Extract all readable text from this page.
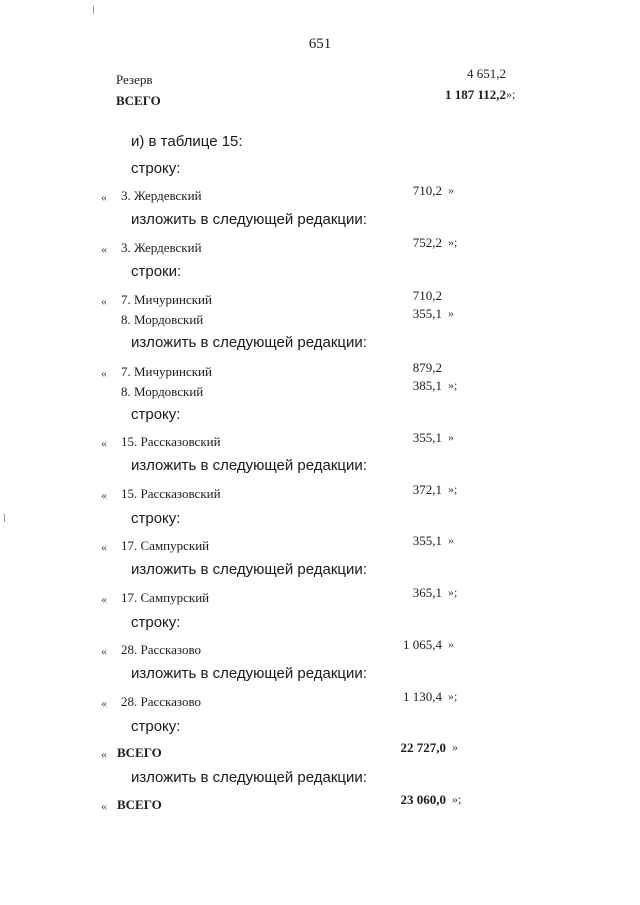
651
Резерв	4 651,2
ВСЕГО	1 187 112,2 »;
и) в таблице 15:
строку:
« 3. Жердевский	710,2 »
изложить в следующей редакции:
« 3. Жердевский	752,2 »;
строки:
« 7. Мичуринский	710,2
8. Мордовский	355,1 »
изложить в следующей редакции:
« 7. Мичуринский	879,2
8. Мордовский	385,1 »;
строку:
« 15. Рассказовский	355,1 »
изложить в следующей редакции:
« 15. Рассказовский	372,1 »;
строку:
« 17. Сампурский	355,1 »
изложить в следующей редакции:
« 17. Сампурский	365,1 »;
строку:
« 28. Рассказово	1 065,4 »
изложить в следующей редакции:
« 28. Рассказово	1 130,4 »;
строку:
« ВСЕГО	22 727,0 »
изложить в следующей редакции:
« ВСЕГО	23 060,0 »;
